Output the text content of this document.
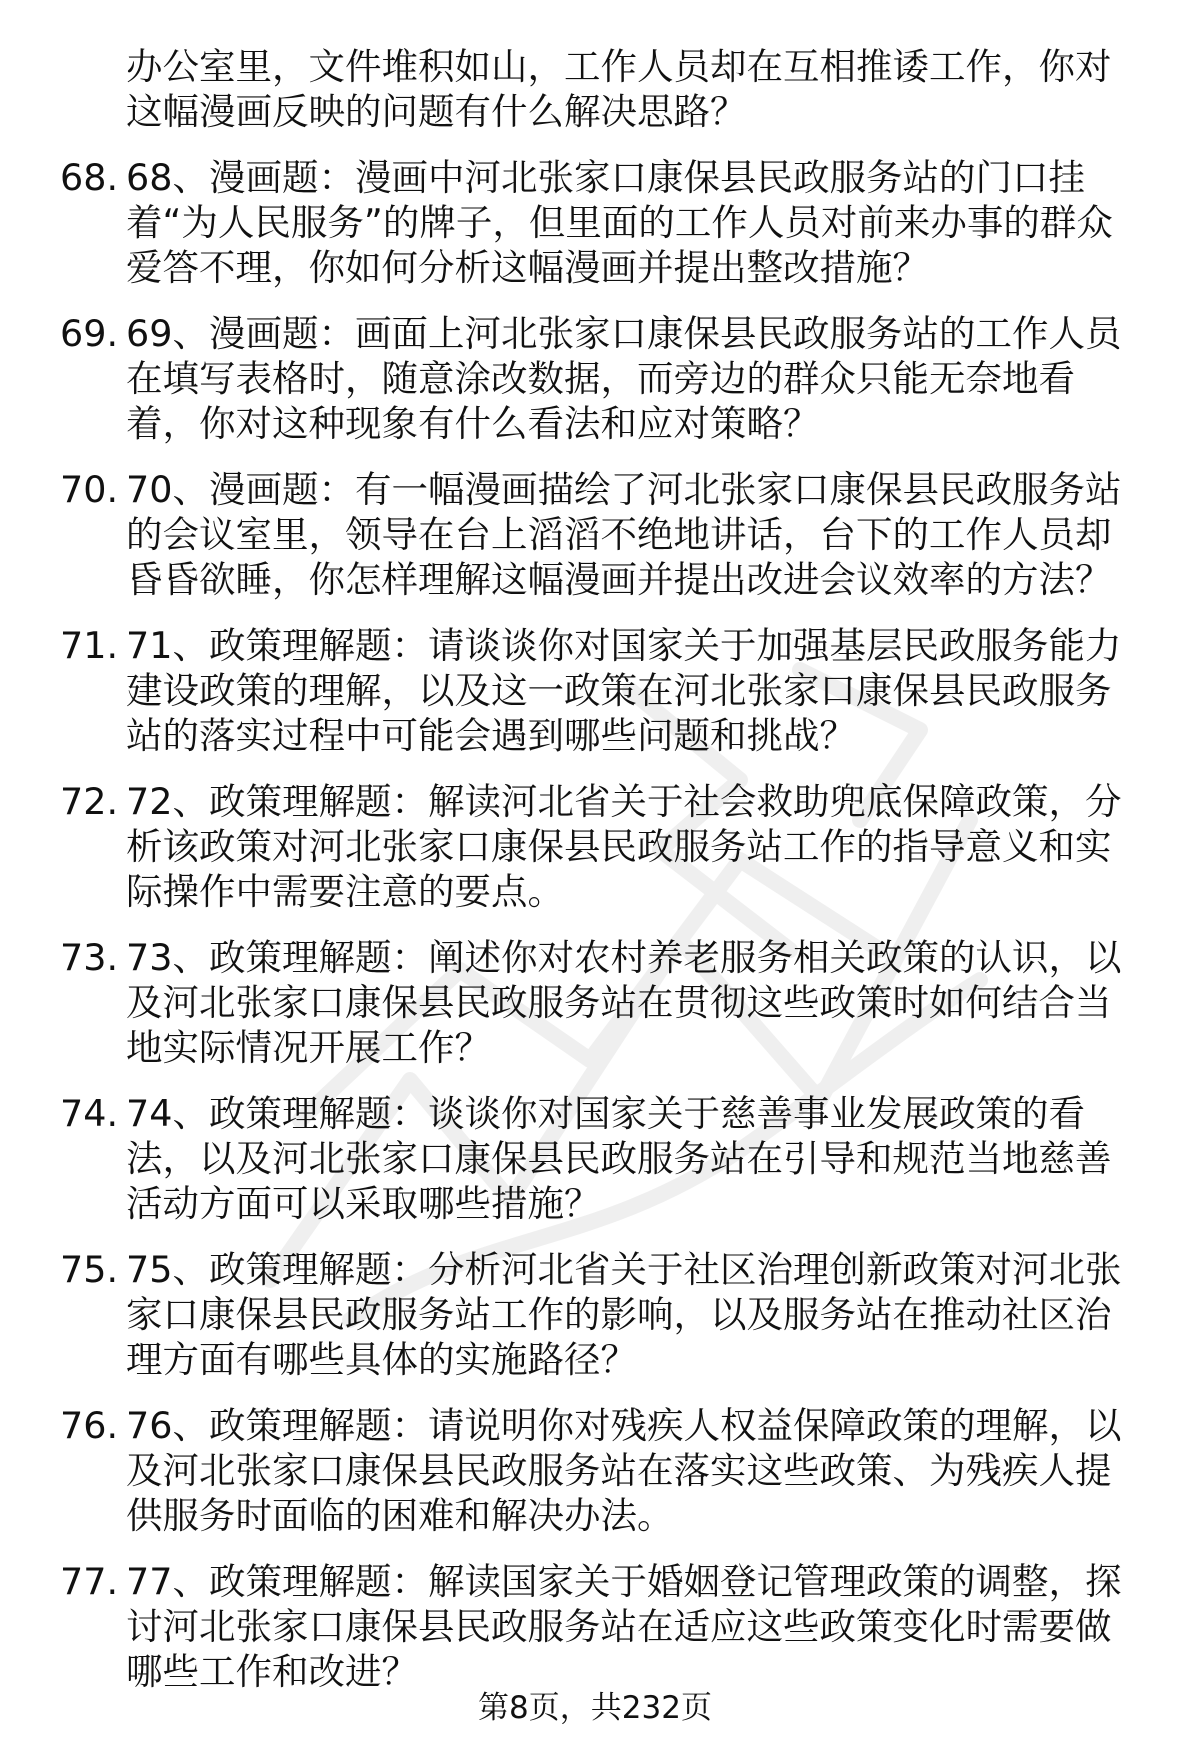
办公室里，文件堆积如山，工作人员却在互相推诿工作，你对这幅漫画反映的问题有什么解决思路？
68. 68、漫画题：漫画中河北张家口康保县民政服务站的门口挂着“为人民服务”的牌子，但里面的工作人员对前来办事的群众爱答不理，你如何分析这幅漫画并提出整改措施？
69. 69、漫画题：画面上河北张家口康保县民政服务站的工作人员在填写表格时，随意涂改数据，而旁边的群众只能无奈地看着，你对这种现象有什么看法和应对策略？
70. 70、漫画题：有一幅漫画描绘了河北张家口康保县民政服务站的会议室里，领导在台上滔滔不绝地讲话，台下的工作人员却昏昏欲睡，你怎样理解这幅漫画并提出改进会议效率的方法？
71. 71、政策理解题：请谈谈你对国家关于加强基层民政服务能力建设政策的理解，以及这一政策在河北张家口康保县民政服务站的落实过程中可能会遇到哪些问题和挑战？
72. 72、政策理解题：解读河北省关于社会救助兜底保障政策，分析该政策对河北张家口康保县民政服务站工作的指导意义和实际操作中需要注意的要点。
73. 73、政策理解题：阐述你对农村养老服务相关政策的认识，以及河北张家口康保县民政服务站在贯彻这些政策时如何结合当地实际情况开展工作？
74. 74、政策理解题：谈谈你对国家关于慈善事业发展政策的看法，以及河北张家口康保县民政服务站在引导和规范当地慈善活动方面可以采取哪些措施？
75. 75、政策理解题：分析河北省关于社区治理创新政策对河北张家口康保县民政服务站工作的影响，以及服务站在推动社区治理方面有哪些具体的实施路径？
76. 76、政策理解题：请说明你对残疾人权益保障政策的理解，以及河北张家口康保县民政服务站在落实这些政策、为残疾人提供服务时面临的困难和解决办法。
77. 77、政策理解题：解读国家关于婚姻登记管理政策的调整，探讨河北张家口康保县民政服务站在适应这些政策变化时需要做哪些工作和改进？
第8页，共232页
